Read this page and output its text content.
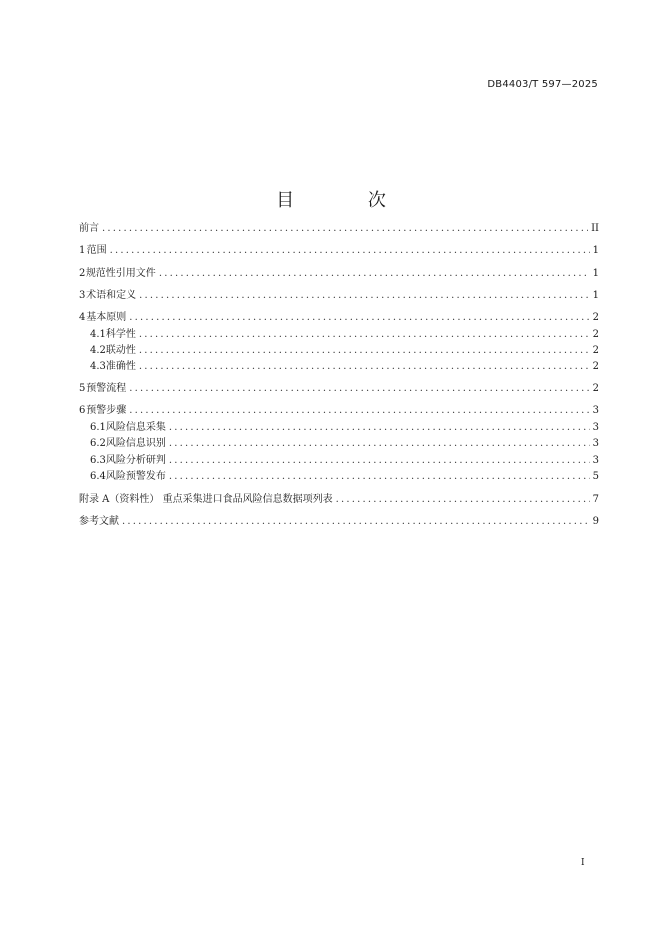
DB4403/T 597—2025
目 次
前言 .....	II
1 范围 .....	1
2 规范性引用文件 .....	1
3 术语和定义 .....	1
4 基本原则 .....	2
4.1 科学性 .....	2
4.2 联动性 .....	2
4.3 准确性 .....	2
5 预警流程 .....	2
6 预警步骤 .....	3
6.1 风险信息采集 .....	3
6.2 风险信息识别 .....	3
6.3 风险分析研判 .....	3
6.4 风险预警发布 .....	5
附录 A（资料性） 重点采集进口食品风险信息数据项列表 .....	7
参考文献 .....	9
I
